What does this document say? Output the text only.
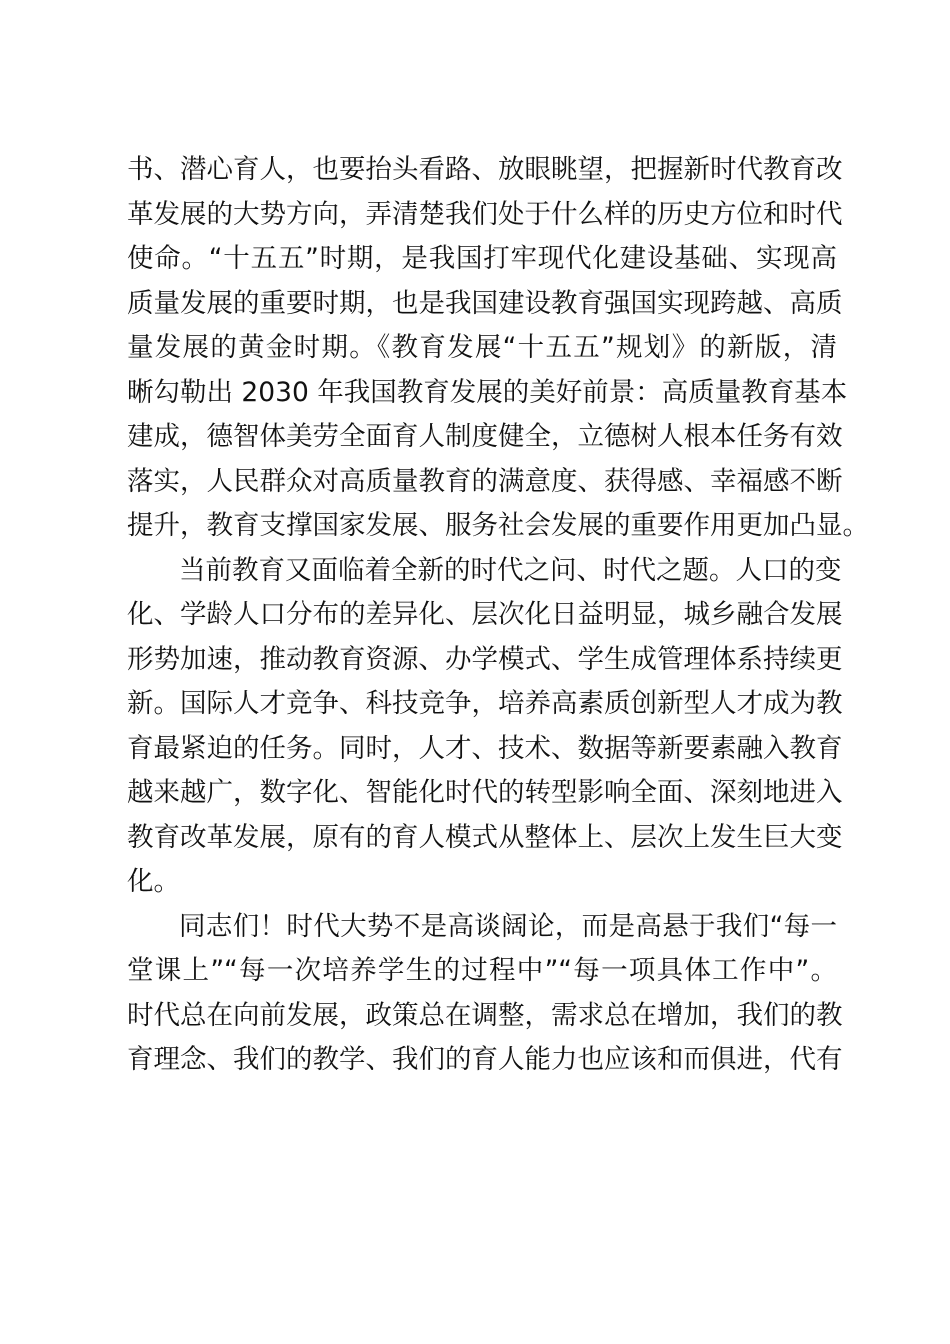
书、潜心育人，也要抬头看路、放眼眺望，把握新时代教育改
革发展的大势方向，弄清楚我们处于什么样的历史方位和时代
使命。“十五五”时期，是我国打牢现代化建设基础、实现高
质量发展的重要时期，也是我国建设教育强国实现跨越、高质
量发展的黄金时期。《教育发展“十五五”规划》的新版，清
晰勾勒出 2030 年我国教育发展的美好前景：高质量教育基本
建成，德智体美劳全面育人制度健全，立德树人根本任务有效
落实，人民群众对高质量教育的满意度、获得感、幸福感不断
提升，教育支撑国家发展、服务社会发展的重要作用更加凸显。
当前教育又面临着全新的时代之问、时代之题。人口的变
化、学龄人口分布的差异化、层次化日益明显，城乡融合发展
形势加速，推动教育资源、办学模式、学生成管理体系持续更
新。国际人才竞争、科技竞争，培养高素质创新型人才成为教
育最紧迫的任务。同时，人才、技术、数据等新要素融入教育
越来越广，数字化、智能化时代的转型影响全面、深刻地进入
教育改革发展，原有的育人模式从整体上、层次上发生巨大变
化。
同志们！时代大势不是高谈阔论，而是高悬于我们“每一
堂课上”“每一次培养学生的过程中”“每一项具体工作中”。
时代总在向前发展，政策总在调整，需求总在增加，我们的教
育理念、我们的教学、我们的育人能力也应该和而俱进，代有
